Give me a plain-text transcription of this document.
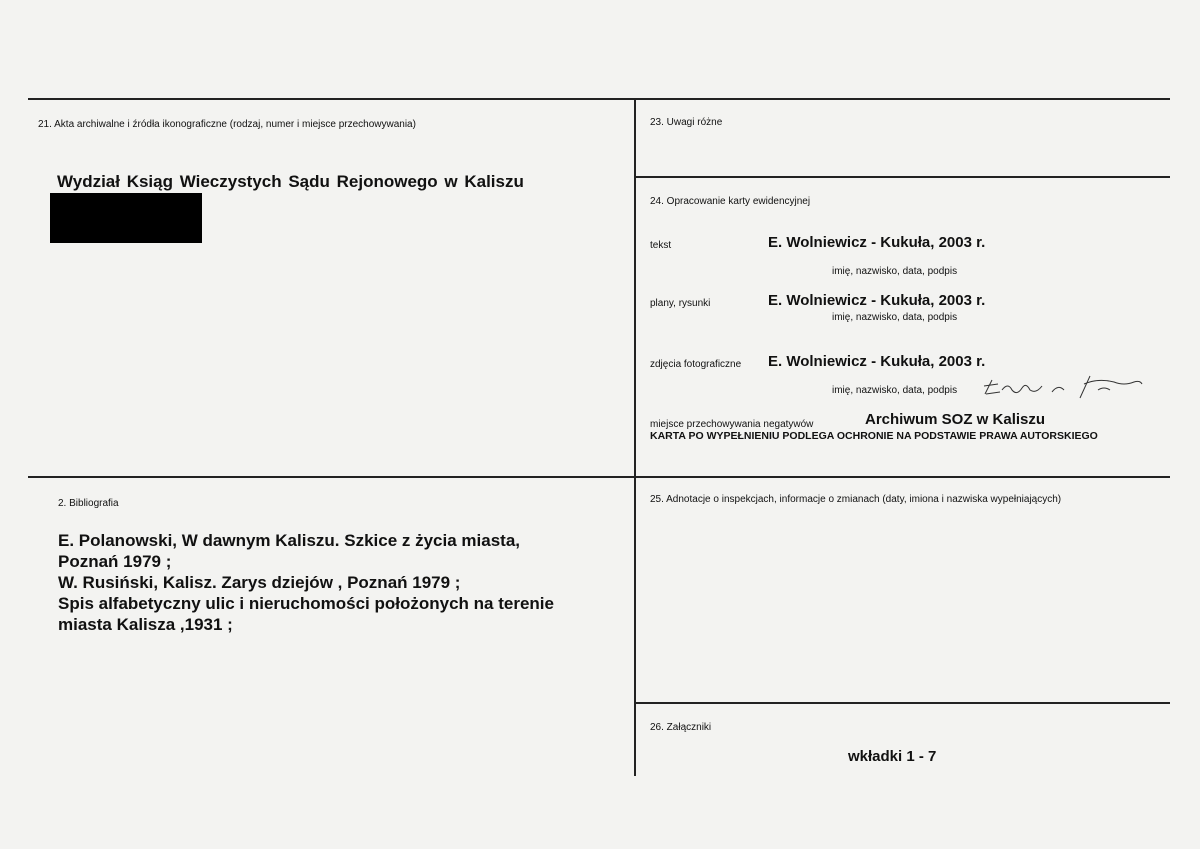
21. Akta archiwalne i źródła ikonograficzne (rodzaj, numer i miejsce przechowywania)
Wydział Ksiąg Wieczystych Sądu Rejonowego w Kaliszu
23. Uwagi różne
24. Opracowanie karty ewidencyjnej
tekst	E. Wolniewicz - Kukuła, 2003 r.
imię, nazwisko, data, podpis
plany, rysunki	E. Wolniewicz - Kukuła, 2003 r.
imię, nazwisko, data, podpis
zdjęcia fotograficzne E. Wolniewicz - Kukuła, 2003 r.
imię, nazwisko, data, podpis
miejsce przechowywania negatywów	Archiwum SOZ w Kaliszu
KARTA PO WYPEŁNIENIU PODLEGA OCHRONIE NA PODSTAWIE PRAWA AUTORSKIEGO
2. Bibliografia
E. Polanowski, W dawnym Kaliszu. Szkice z życia miasta,
Poznań 1979 ;
W. Rusiński, Kalisz. Zarys dziejów , Poznań 1979 ;
Spis alfabetyczny ulic i nieruchomości położonych na terenie
miasta Kalisza ,1931 ;
25. Adnotacje o inspekcjach, informacje o zmianach (daty, imiona i nazwiska wypełniających)
26. Załączniki
wkładki 1 - 7
